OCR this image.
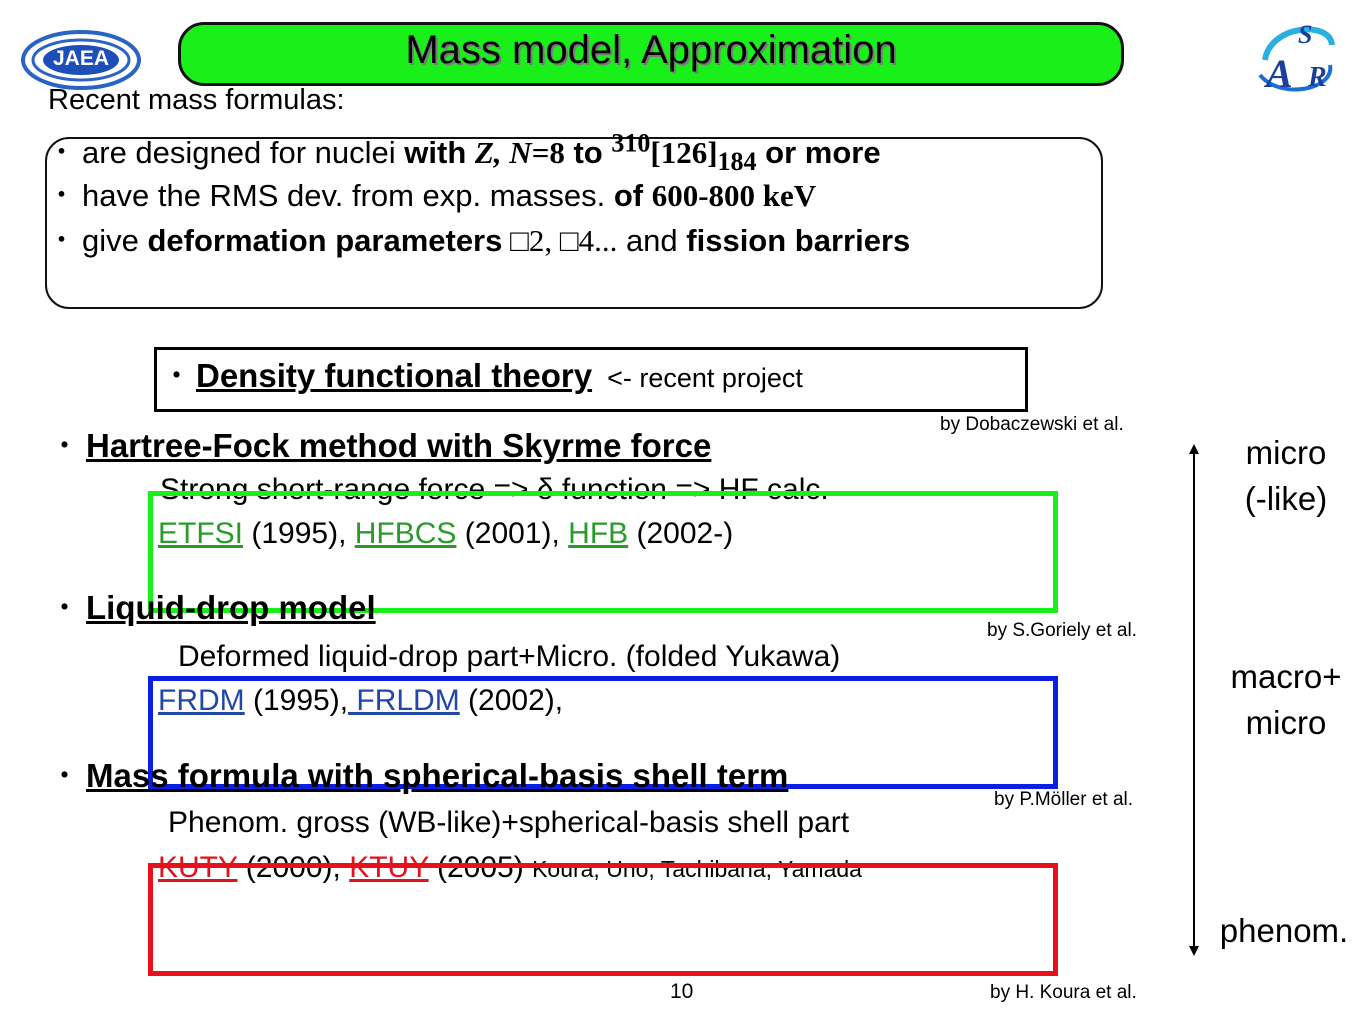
JAEA
S
A R
Mass model, Approximation
Recent mass formulas:
・ are designed for nuclei with Z, N=8 to $^{310}[126]_{184}$ or more
・ have the RMS dev. from exp. masses. of 600-800 keV
・ give deformation parameters □2, □4... and fission barriers
・Density functional theory <- recent project
by Dobaczewski et al.
・ Hartree-Fock method with Skyrme force
Strong short-range force => δ function => HF calc.
ETFSI (1995), HFBCS (2001), HFB (2002-)
・ Liquid-drop model
by S.Goriely et al.
Deformed liquid-drop part+Micro. (folded Yukawa)
FRDM (1995), FRLDM (2002),
・ Mass formula with spherical-basis shell term
by P.Möller et al.
Phenom. gross (WB-like)+spherical-basis shell part
KUTY (2000), KTUY (2005) Koura, Uno, Tachibana, Yamada
by H. Koura et al.
10
micro
(-like)
macro+
micro
phenom.
